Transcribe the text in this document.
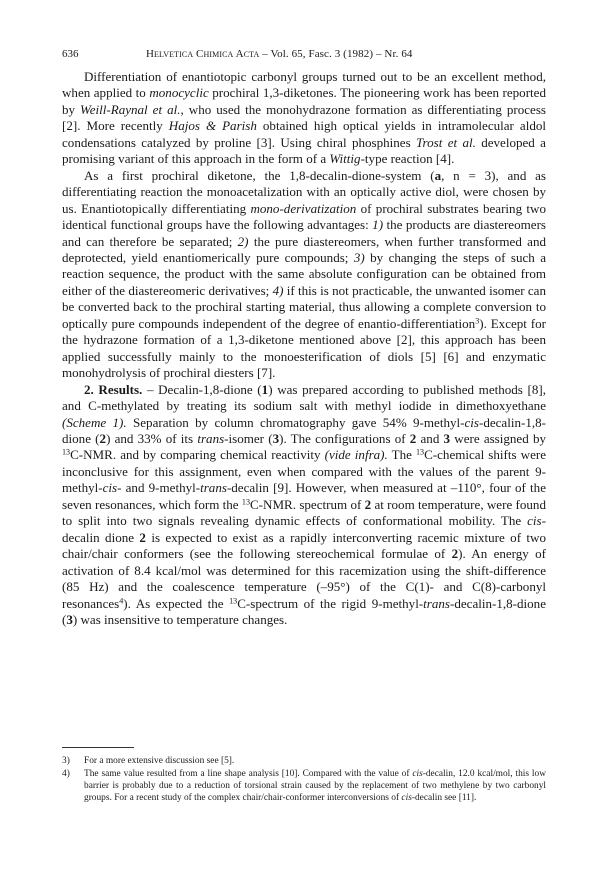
636	Helvetica Chimica Acta – Vol. 65, Fasc. 3 (1982) – Nr. 64

Differentiation of enantiotopic carbonyl groups turned out to be an excellent method, when applied to monocyclic prochiral 1,3-diketones. The pioneering work has been reported by Weill-Raynal et al., who used the monohydrazone formation as differentiating process [2]. More recently Hajos & Parish obtained high optical yields in intramolecular aldol condensations catalyzed by proline [3]. Using chiral phosphines Trost et al. developed a promising variant of this approach in the form of a Wittig-type reaction [4].

As a first prochiral diketone, the 1,8-decalin-dione-system (a, n = 3), and as differentiating reaction the monoacetalization with an optically active diol, were chosen by us. Enantiotopically differentiating mono-derivatization of prochiral substrates bearing two identical functional groups have the following advantages: 1) the products are diastereomers and can therefore be separated; 2) the pure diastereomers, when further transformed and deprotected, yield enantiomerically pure compounds; 3) by changing the steps of such a reaction sequence, the product with the same absolute configuration can be obtained from either of the diastereomeric derivatives; 4) if this is not practicable, the unwanted isomer can be converted back to the prochiral starting material, thus allowing a complete conversion to optically pure compounds independent of the degree of enantio-differentiation$^3$). Except for the hydrazone formation of a 1,3-diketone mentioned above [2], this approach has been applied successfully mainly to the monoesterification of diols [5] [6] and enzymatic monohydrolysis of prochiral diesters [7].

2. Results. – Decalin-1,8-dione (1) was prepared according to published methods [8], and C-methylated by treating its sodium salt with methyl iodide in dimethoxyethane (Scheme 1). Separation by column chromatography gave 54% 9-methyl-cis-decalin-1,8-dione (2) and 33% of its trans-isomer (3). The configurations of 2 and 3 were assigned by $^{13}$C-NMR. and by comparing chemical reactivity (vide infra). The $^{13}$C-chemical shifts were inconclusive for this assignment, even when compared with the values of the parent 9-methyl-cis- and 9-methyl-trans-decalin [9]. However, when measured at –110°, four of the seven resonances, which form the $^{13}$C-NMR. spectrum of 2 at room temperature, were found to split into two signals revealing dynamic effects of conformational mobility. The cis-decalin dione 2 is expected to exist as a rapidly interconverting racemic mixture of two chair/chair conformers (see the following stereochemical formulae of 2). An energy of activation of 8.4 kcal/mol was determined for this racemization using the shift-difference (85 Hz) and the coalescence temperature (–95°) of the C(1)- and C(8)-carbonyl resonances$^4$). As expected the $^{13}$C-spectrum of the rigid 9-methyl-trans-decalin-1,8-dione (3) was insensitive to temperature changes.

3) For a more extensive discussion see [5].
4) The same value resulted from a line shape analysis [10]. Compared with the value of cis-decalin, 12.0 kcal/mol, this low barrier is probably due to a reduction of torsional strain caused by the replacement of two methylene by two carbonyl groups. For a recent study of the complex chair/chair-conformer interconversions of cis-decalin see [11].
